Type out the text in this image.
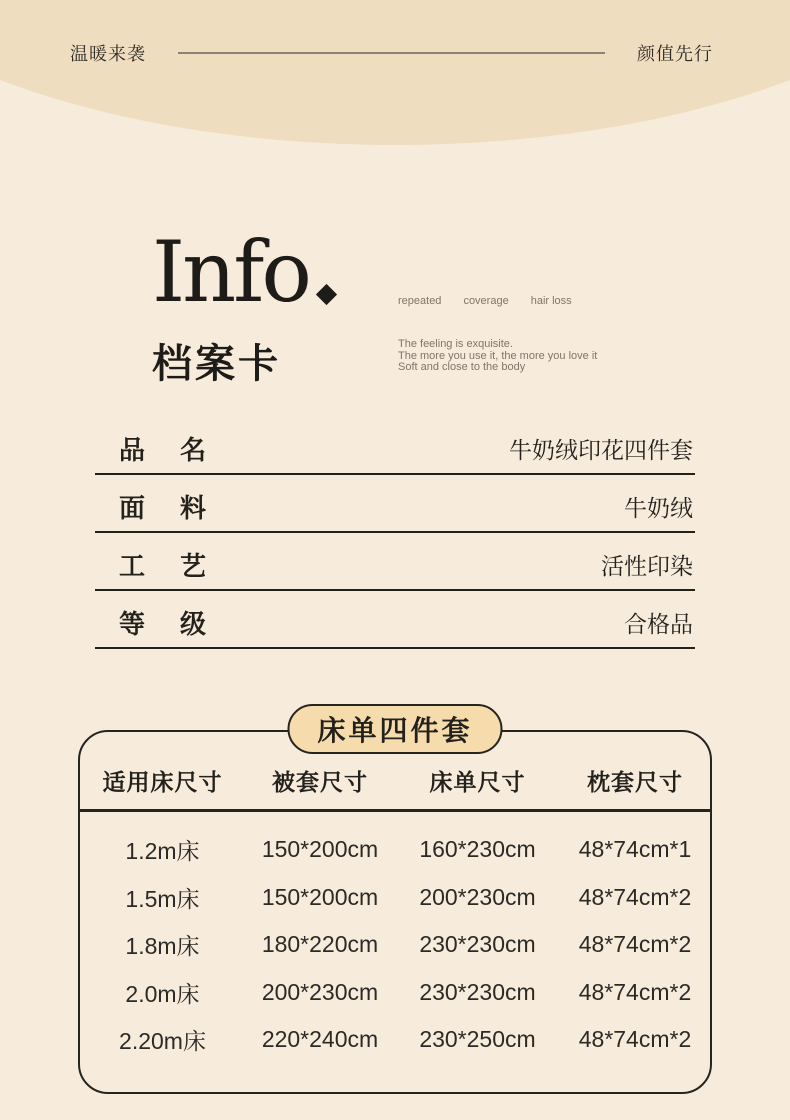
温暖来袭	颜值先行
Info
档案卡
repeated coverage hair loss
The feeling is exquisite.
The more you use it, the more you love it
Soft and close to the body
品名	牛奶绒印花四件套
面料	牛奶绒
工艺	活性印染
等级	合格品
床单四件套
适用床尺寸	被套尺寸	床单尺寸	枕套尺寸
1.2m床	150*200cm	160*230cm	48*74cm*1
1.5m床	150*200cm	200*230cm	48*74cm*2
1.8m床	180*220cm	230*230cm	48*74cm*2
2.0m床	200*230cm	230*230cm	48*74cm*2
2.20m床	220*240cm	230*250cm	48*74cm*2
